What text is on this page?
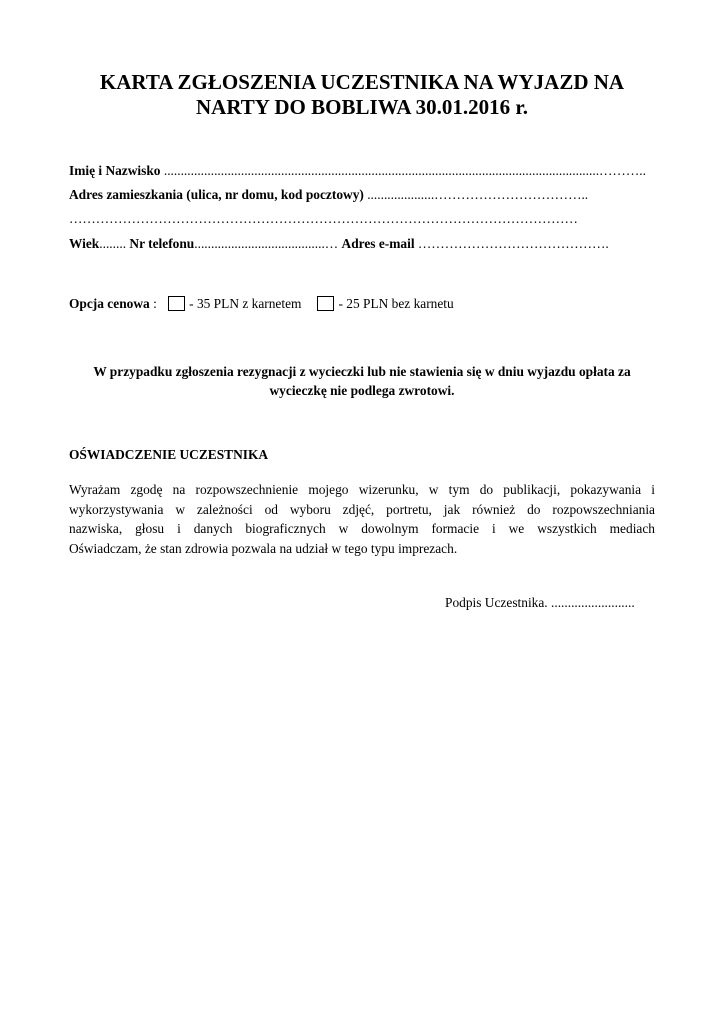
KARTA ZGŁOSZENIA UCZESTNIKA NA WYJAZD NA
NARTY DO BOBLIWA 30.01.2016 r.
Imię i Nazwisko ..................................................................................................................................………..
Adres zamieszkania (ulica, nr domu, kod pocztowy) ....................……………………………..
……………………………………………………………………………………………………
Wiek........ Nr telefonu.......................................… Adres e-mail …………………………………….
Opcja cenowa : - 35 PLN z karnetem	- 25 PLN bez karnetu
W przypadku zgłoszenia rezygnacji z wycieczki lub nie stawienia się w dniu wyjazdu opłata za
wycieczkę nie podlega zwrotowi.
OŚWIADCZENIE UCZESTNIKA
Wyrażam zgodę na rozpowszechnienie mojego wizerunku, w tym do publikacji, pokazywania i
wykorzystywania w zależności od wyboru zdjęć, portretu, jak również do rozpowszechniania
nazwiska, głosu i danych biograficznych w dowolnym formacie i we wszystkich mediach
Oświadczam, że stan zdrowia pozwala na udział w tego typu imprezach.
Podpis Uczestnika. .........................
